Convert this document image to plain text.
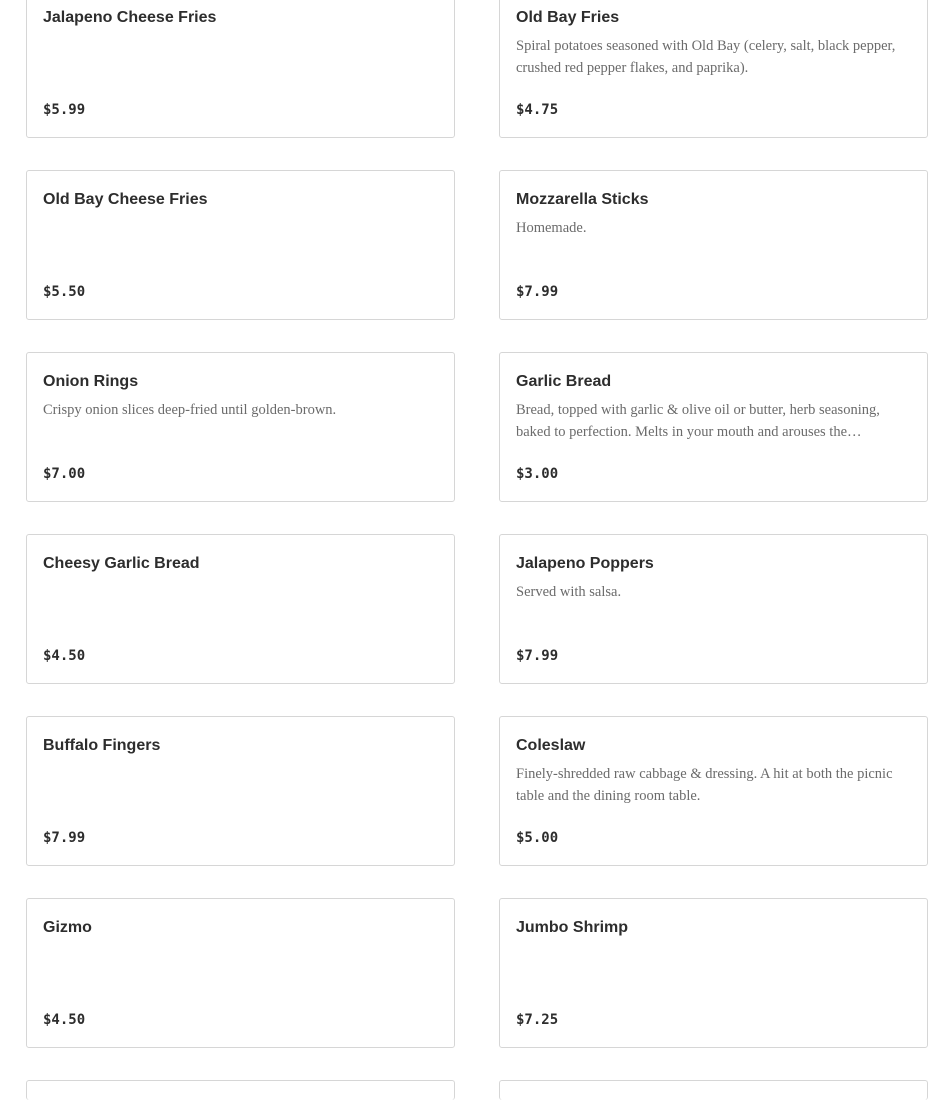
Jalapeno Cheese Fries
$5.99
Old Bay Fries
Spiral potatoes seasoned with Old Bay (celery, salt, black pepper, crushed red pepper flakes, and paprika).
$4.75
Old Bay Cheese Fries
$5.50
Mozzarella Sticks
Homemade.
$7.99
Onion Rings
Crispy onion slices deep-fried until golden-brown.
$7.00
Garlic Bread
Bread, topped with garlic & olive oil or butter, herb seasoning, baked to perfection. Melts in your mouth and arouses the…
$3.00
Cheesy Garlic Bread
$4.50
Jalapeno Poppers
Served with salsa.
$7.99
Buffalo Fingers
$7.99
Coleslaw
Finely-shredded raw cabbage & dressing. A hit at both the picnic table and the dining room table.
$5.00
Gizmo
$4.50
Jumbo Shrimp
$7.25
